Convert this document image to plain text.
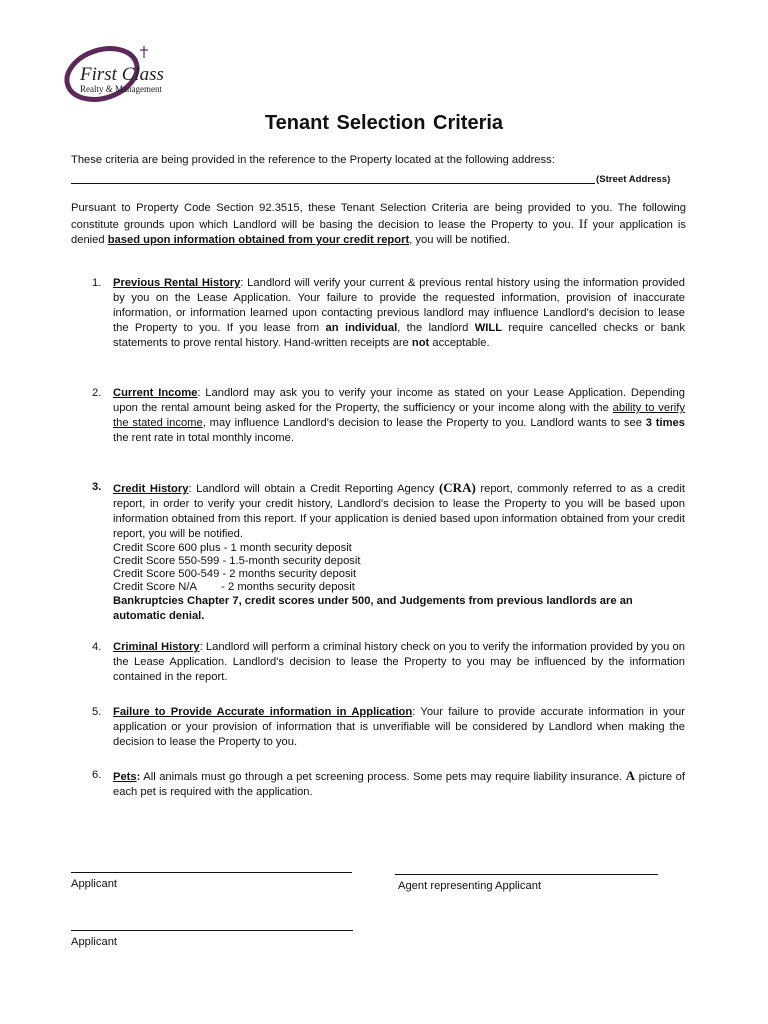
First Class
Realty & Management
Tenant Selection Criteria
These criteria are being provided in the reference to the Property located at the following address:
(Street Address)
Pursuant to Property Code Section 92.3515, these Tenant Selection Criteria are being provided to you. The following constitute grounds upon which Landlord will be basing the decision to lease the Property to you. If your application is denied based upon information obtained from your credit report, you will be notified.
1.	Previous Rental History: Landlord will verify your current & previous rental history using the information provided by you on the Lease Application. Your failure to provide the requested information, provision of inaccurate information, or information learned upon contacting previous landlord may influence Landlord's decision to lease the Property to you. If you lease from an individual, the landlord WILL require cancelled checks or bank statements to prove rental history. Hand-written receipts are not acceptable.
2.	Current Income: Landlord may ask you to verify your income as stated on your Lease Application. Depending upon the rental amount being asked for the Property, the sufficiency or your income along with the ability to verify the stated income, may influence Landlord's decision to lease the Property to you. Landlord wants to see 3 times the rent rate in total monthly income.
3.	Credit History: Landlord will obtain a Credit Reporting Agency (CRA) report, commonly referred to as a credit report, in order to verify your credit history, Landlord's decision to lease the Property to you will be based upon information obtained from this report. If your application is denied based upon information obtained from your credit report, you will be notified.
Credit Score 600 plus - 1 month security deposit
Credit Score 550-599 - 1.5-month security deposit
Credit Score 500-549 - 2 months security deposit
Credit Score N/A        - 2 months security deposit
Bankruptcies Chapter 7, credit scores under 500, and Judgements from previous landlords are an automatic denial.
4.	Criminal History: Landlord will perform a criminal history check on you to verify the information provided by you on the Lease Application. Landlord's decision to lease the Property to you may be influenced by the information contained in the report.
5.	Failure to Provide Accurate information in Application: Your failure to provide accurate information in your application or your provision of information that is unverifiable will be considered by Landlord when making the decision to lease the Property to you.
6.	Pets: All animals must go through a pet screening process. Some pets may require liability insurance. A picture of each pet is required with the application.
Applicant	Agent representing Applicant
Applicant
